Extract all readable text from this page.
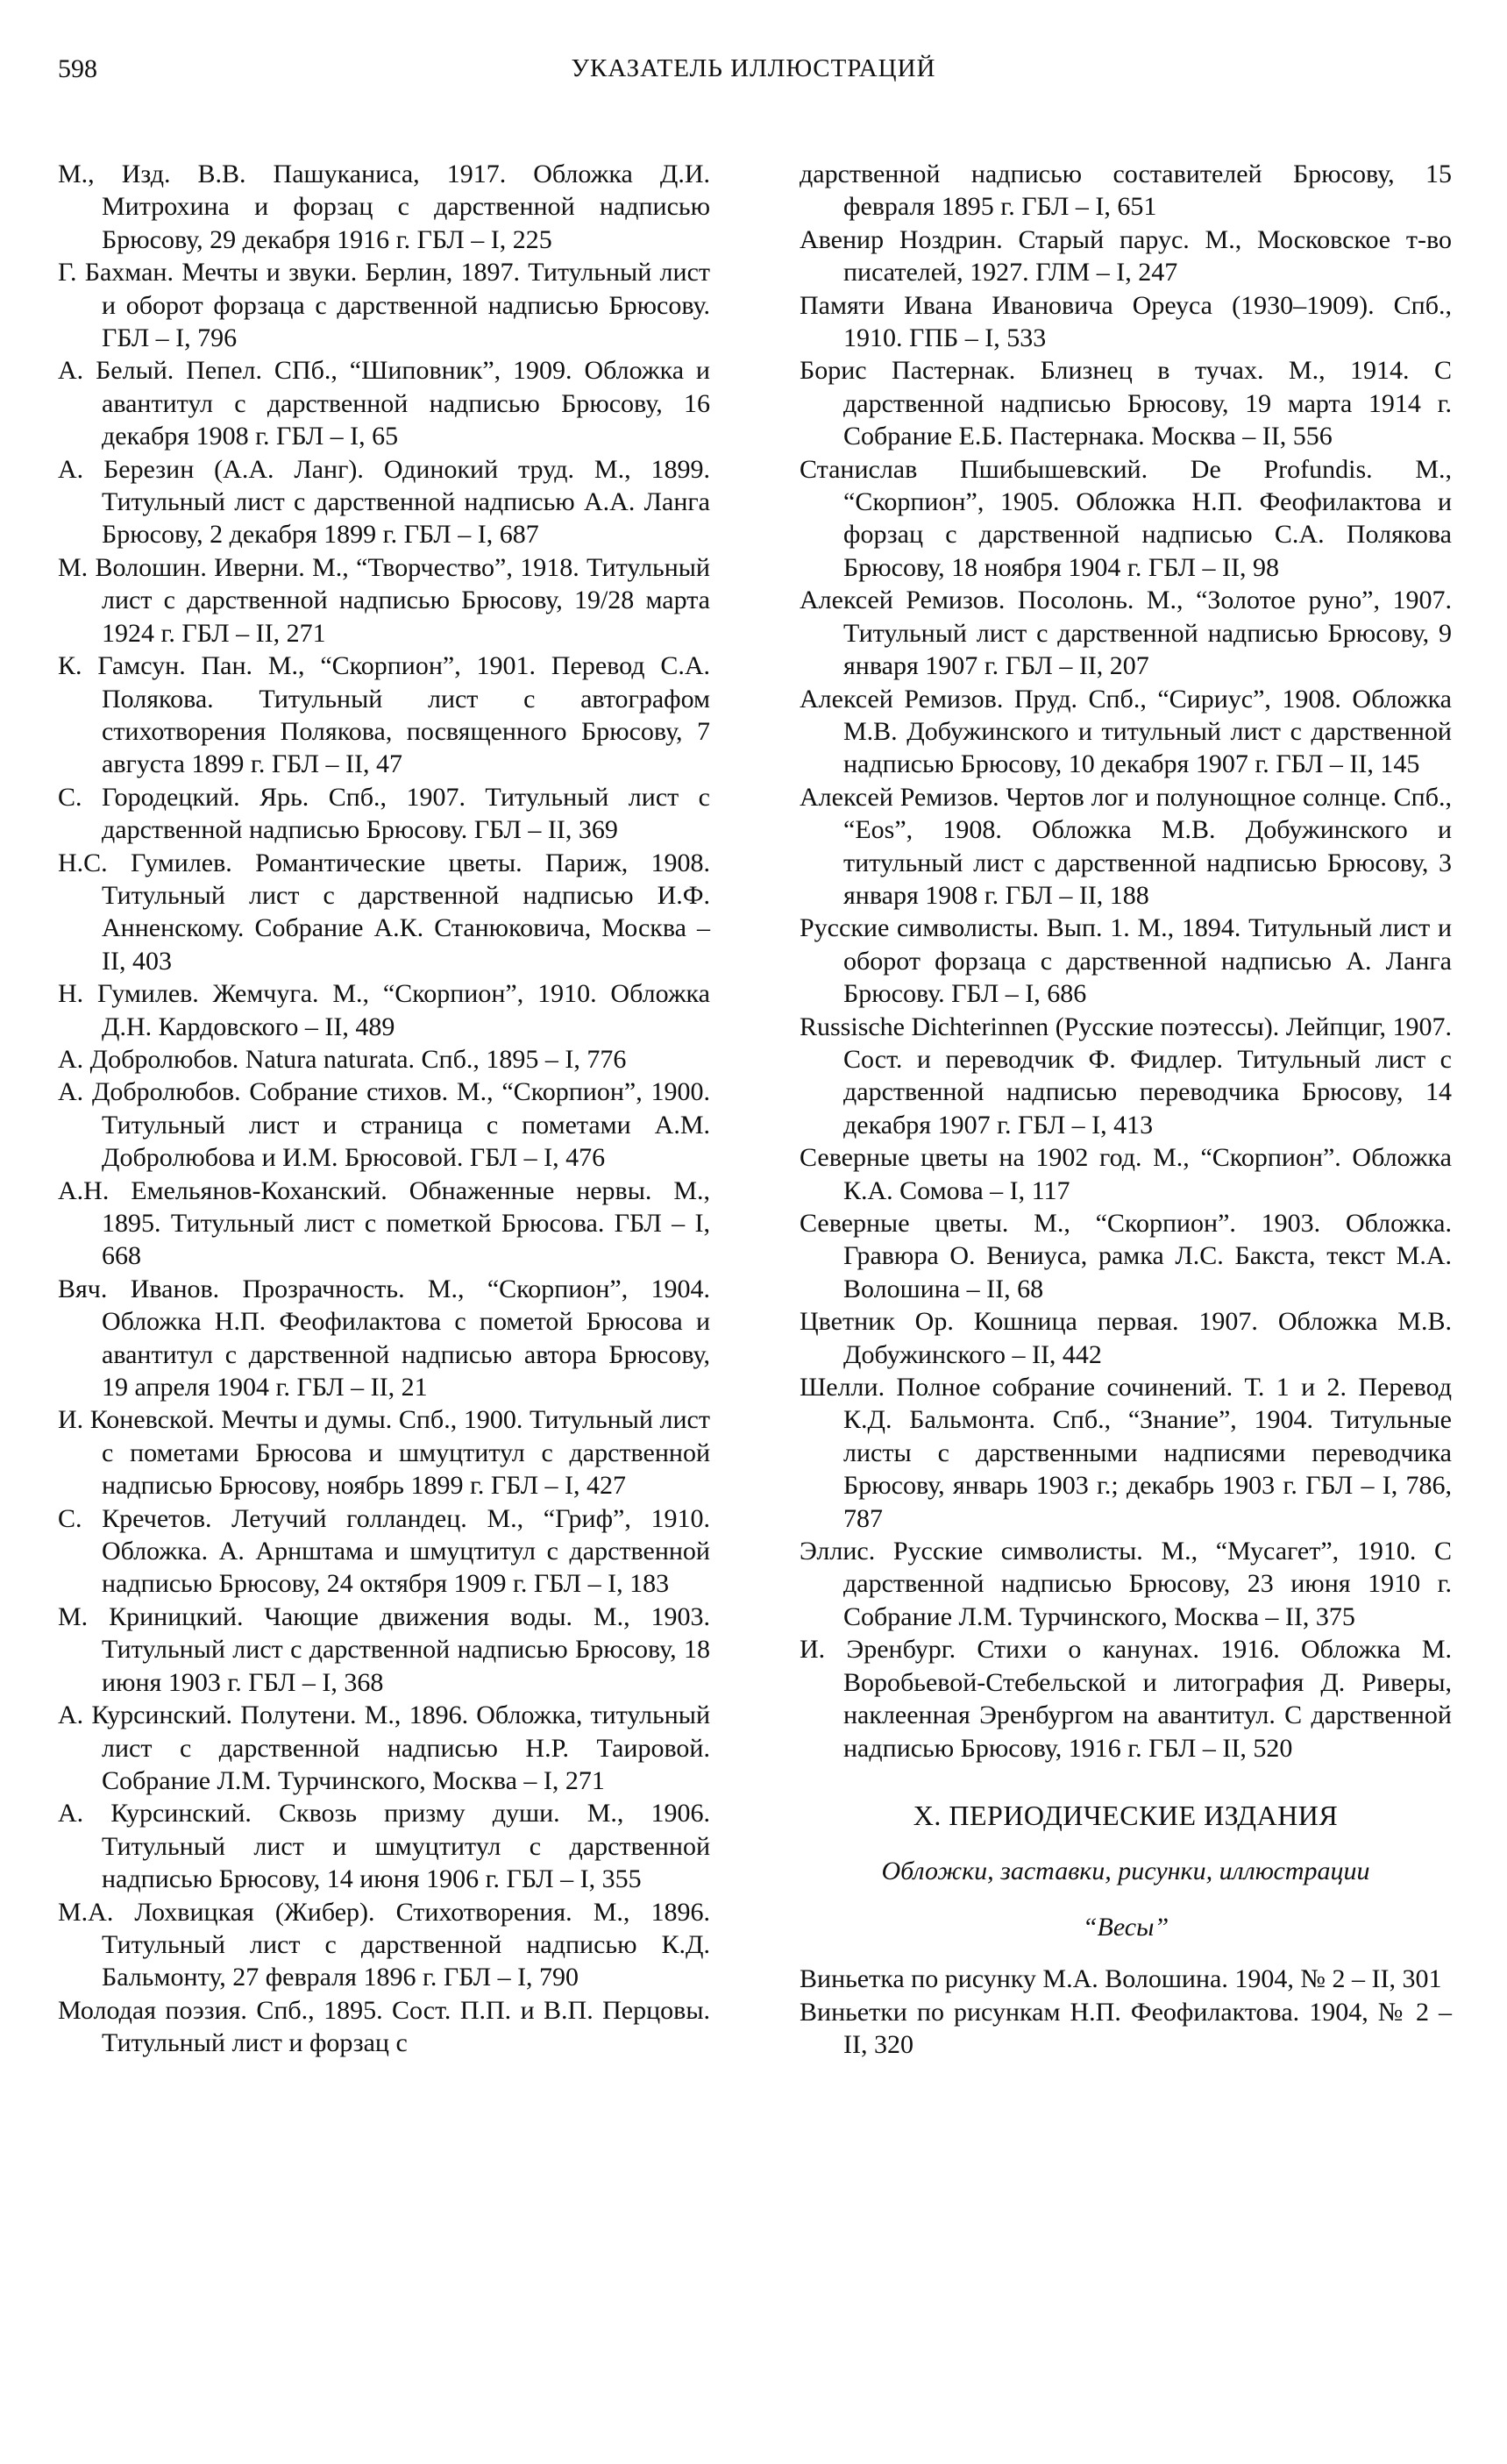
598	УКАЗАТЕЛЬ ИЛЛЮСТРАЦИЙ

М., Изд. В.В. Пашуканиса, 1917. Обложка Д.И. Митрохина и форзац с дарственной надписью Брюсову, 29 декабря 1916 г. ГБЛ – I, 225

Г. Бахман. Мечты и звуки. Берлин, 1897. Титульный лист и оборот форзаца с дарственной надписью Брюсову. ГБЛ – I, 796

А. Белый. Пепел. СПб., “Шиповник”, 1909. Обложка и авантитул с дарственной надписью Брюсову, 16 декабря 1908 г. ГБЛ – I, 65

А. Березин (А.А. Ланг). Одинокий труд. М., 1899. Титульный лист с дарственной надписью А.А. Ланга Брюсову, 2 декабря 1899 г. ГБЛ – I, 687

М. Волошин. Иверни. М., “Творчество”, 1918. Титульный лист с дарственной надписью Брюсову, 19/28 марта 1924 г. ГБЛ – II, 271

К. Гамсун. Пан. М., “Скорпион”, 1901. Перевод С.А. Полякова. Титульный лист с автографом стихотворения Полякова, посвященного Брюсову, 7 августа 1899 г. ГБЛ – II, 47

С. Городецкий. Ярь. Спб., 1907. Титульный лист с дарственной надписью Брюсову. ГБЛ – II, 369

Н.С. Гумилев. Романтические цветы. Париж, 1908. Титульный лист с дарственной надписью И.Ф. Анненскому. Собрание А.К. Станюковича, Москва – II, 403

Н. Гумилев. Жемчуга. М., “Скорпион”, 1910. Обложка Д.Н. Кардовского – II, 489

А. Добролюбов. Natura naturata. Спб., 1895 – I, 776

А. Добролюбов. Собрание стихов. М., “Скорпион”, 1900. Титульный лист и страница с пометами А.М. Добролюбова и И.М. Брюсовой. ГБЛ – I, 476

А.Н. Емельянов-Коханский. Обнаженные нервы. М., 1895. Титульный лист с пометкой Брюсова. ГБЛ – I, 668

Вяч. Иванов. Прозрачность. М., “Скорпион”, 1904. Обложка Н.П. Феофилактова с пометой Брюсова и авантитул с дарственной надписью автора Брюсову, 19 апреля 1904 г. ГБЛ – II, 21

И. Коневской. Мечты и думы. Спб., 1900. Титульный лист с пометами Брюсова и шмуцтитул с дарственной надписью Брюсову, ноябрь 1899 г. ГБЛ – I, 427

С. Кречетов. Летучий голландец. М., “Гриф”, 1910. Обложка. А. Арнштама и шмуцтитул с дарственной надписью Брюсову, 24 октября 1909 г. ГБЛ – I, 183

М. Криницкий. Чающие движения воды. М., 1903. Титульный лист с дарственной надписью Брюсову, 18 июня 1903 г. ГБЛ – I, 368

А. Курсинский. Полутени. М., 1896. Обложка, титульный лист с дарственной надписью Н.Р. Таировой. Собрание Л.М. Турчинского, Москва – I, 271

А. Курсинский. Сквозь призму души. М., 1906. Титульный лист и шмуцтитул с дарственной надписью Брюсову, 14 июня 1906 г. ГБЛ – I, 355

М.А. Лохвицкая (Жибер). Стихотворения. М., 1896. Титульный лист с дарственной надписью К.Д. Бальмонту, 27 февраля 1896 г. ГБЛ – I, 790

Молодая поэзия. Спб., 1895. Сост. П.П. и В.П. Перцовы. Титульный лист и форзац с

дарственной надписью составителей Брюсову, 15 февраля 1895 г. ГБЛ – I, 651

Авенир Ноздрин. Старый парус. М., Московское т-во писателей, 1927. ГЛМ – I, 247

Памяти Ивана Ивановича Ореуса (1930–1909). Спб., 1910. ГПБ – I, 533

Борис Пастернак. Близнец в тучах. М., 1914. С дарственной надписью Брюсову, 19 марта 1914 г. Собрание Е.Б. Пастернака. Москва – II, 556

Станислав Пшибышевский. De Profundis. М., “Скорпион”, 1905. Обложка Н.П. Феофилактова и форзац с дарственной надписью С.А. Полякова Брюсову, 18 ноября 1904 г. ГБЛ – II, 98

Алексей Ремизов. Посолонь. М., “Золотое руно”, 1907. Титульный лист с дарственной надписью Брюсову, 9 января 1907 г. ГБЛ – II, 207

Алексей Ремизов. Пруд. Спб., “Сириус”, 1908. Обложка М.В. Добужинского и титульный лист с дарственной надписью Брюсову, 10 декабря 1907 г. ГБЛ – II, 145

Алексей Ремизов. Чертов лог и полунощное солнце. Спб., “Eos”, 1908. Обложка М.В. Добужинского и титульный лист с дарственной надписью Брюсову, 3 января 1908 г. ГБЛ – II, 188

Русские символисты. Вып. 1. М., 1894. Титульный лист и оборот форзаца с дарственной надписью А. Ланга Брюсову. ГБЛ – I, 686

Russische Dichterinnen (Русские поэтессы). Лейпциг, 1907. Сост. и переводчик Ф. Фидлер. Титульный лист с дарственной надписью переводчика Брюсову, 14 декабря 1907 г. ГБЛ – I, 413

Северные цветы на 1902 год. М., “Скорпион”. Обложка К.А. Сомова – I, 117

Северные цветы. М., “Скорпион”. 1903. Обложка. Гравюра О. Вениуса, рамка Л.С. Бакста, текст М.А. Волошина – II, 68

Цветник Ор. Кошница первая. 1907. Обложка М.В. Добужинского – II, 442

Шелли. Полное собрание сочинений. Т. 1 и 2. Перевод К.Д. Бальмонта. Спб., “Знание”, 1904. Титульные листы с дарственными надписями переводчика Брюсову, январь 1903 г.; декабрь 1903 г. ГБЛ – I, 786, 787

Эллис. Русские символисты. М., “Мусагет”, 1910. С дарственной надписью Брюсову, 23 июня 1910 г. Собрание Л.М. Турчинского, Москва – II, 375

И. Эренбург. Стихи о канунах. 1916. Обложка М. Воробьевой-Стебельской и литография Д. Риверы, наклеенная Эренбургом на авантитул. С дарственной надписью Брюсову, 1916 г. ГБЛ – II, 520

X. ПЕРИОДИЧЕСКИЕ ИЗДАНИЯ
Обложки, заставки, рисунки, иллюстрации
“Весы”

Виньетка по рисунку М.А. Волошина. 1904, № 2 – II, 301

Виньетки по рисункам Н.П. Феофилактова. 1904, № 2 – II, 320
